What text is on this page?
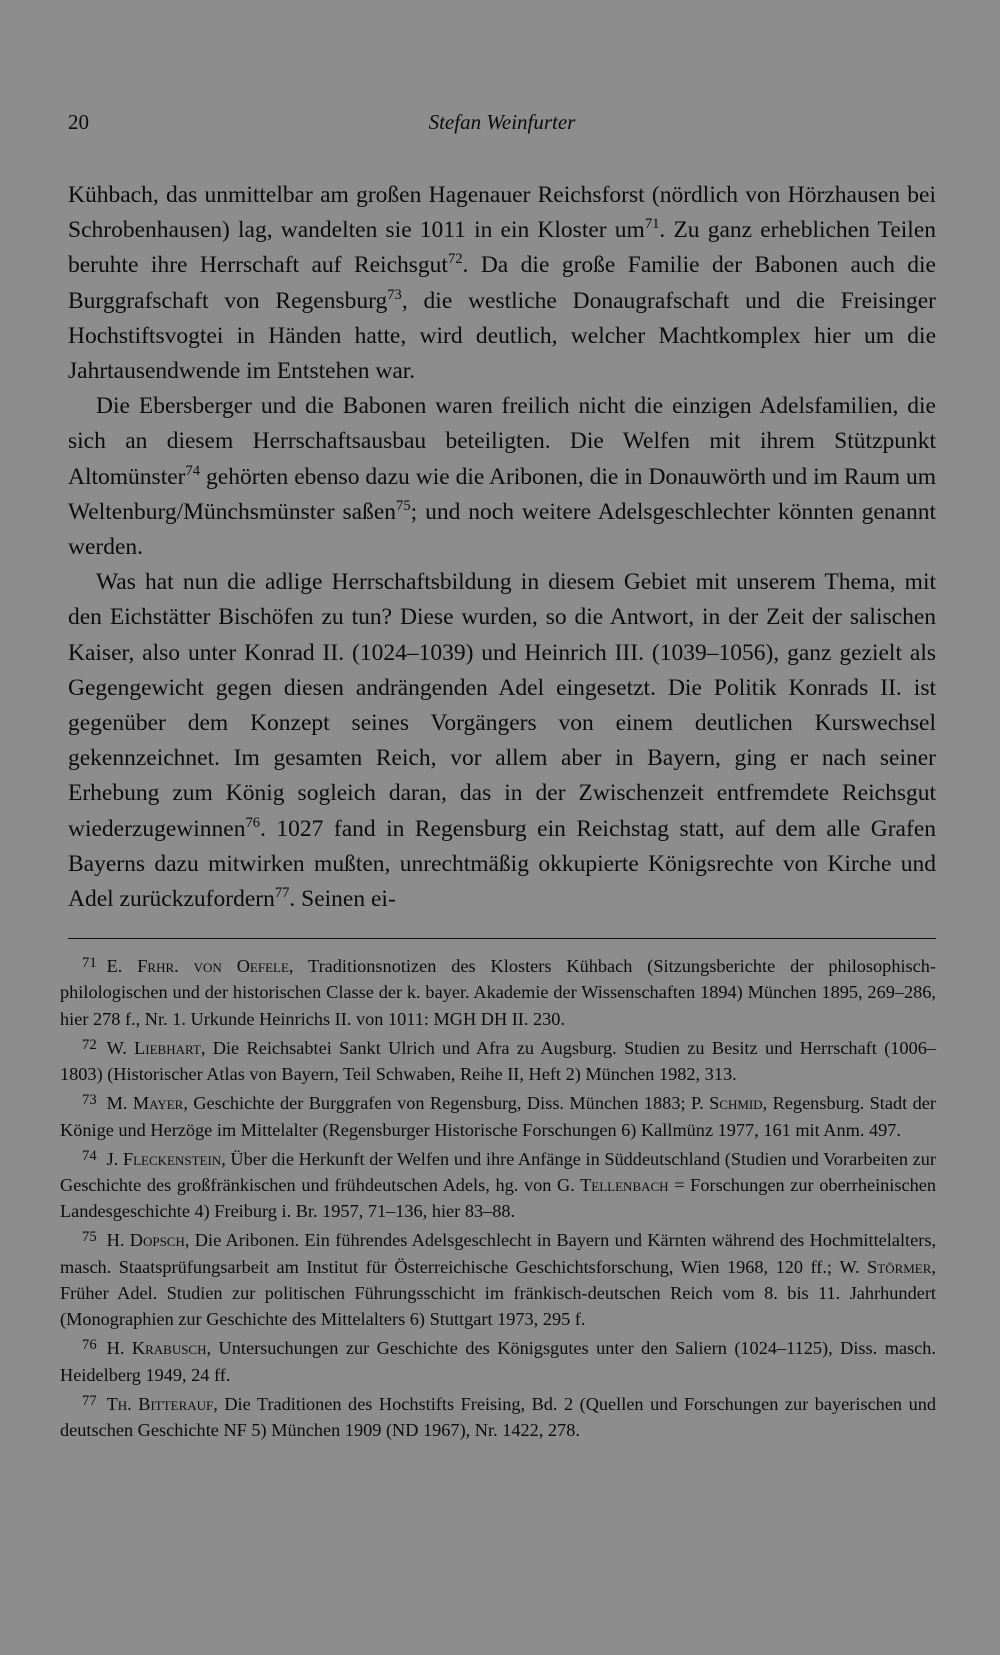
20	Stefan Weinfurter

Kühbach, das unmittelbar am großen Hagenauer Reichsforst (nördlich von Hörzhausen bei Schrobenhausen) lag, wandelten sie 1011 in ein Kloster $um^{71}$. Zu ganz erheblichen Teilen beruhte ihre Herrschaft auf Reichsgut$^{72}$. Da die große Familie der Babonen auch die Burggrafschaft von Regensburg$^{73}$, die westliche Donaugrafschaft und die Freisinger Hochstiftsvogtei in Händen hatte, wird deutlich, welcher Machtkomplex hier um die Jahrtausendwende im Entstehen war.

Die Ebersberger und die Babonen waren freilich nicht die einzigen Adelsfamilien, die sich an diesem Herrschaftsausbau beteiligten. Die Welfen mit ihrem Stützpunkt Altomünster$^{74}$ gehörten ebenso dazu wie die Aribonen, die in Donauwörth und im Raum um Weltenburg/Münchsmünster saßen$^{75}$; und noch weitere Adelsgeschlechter könnten genannt werden.

Was hat nun die adlige Herrschaftsbildung in diesem Gebiet mit unserem Thema, mit den Eichstätter Bischöfen zu tun? Diese wurden, so die Antwort, in der Zeit der salischen Kaiser, also unter Konrad II. (1024–1039) und Heinrich III. (1039–1056), ganz gezielt als Gegengewicht gegen diesen andrängenden Adel eingesetzt. Die Politik Konrads II. ist gegenüber dem Konzept seines Vorgängers von einem deutlichen Kurswechsel gekennzeichnet. Im gesamten Reich, vor allem aber in Bayern, ging er nach seiner Erhebung zum König sogleich daran, das in der Zwischenzeit entfremdete Reichsgut wiederzugewinnen$^{76}$. 1027 fand in Regensburg ein Reichstag statt, auf dem alle Grafen Bayerns dazu mitwirken mußten, unrechtmäßig okkupierte Königsrechte von Kirche und Adel zurückzufordern$^{77}$. Seinen ei-

71 E. Frhr. von Oefele, Traditionsnotizen des Klosters Kühbach (Sitzungsberichte der philosophisch-philologischen und der historischen Classe der k. bayer. Akademie der Wissenschaften 1894) München 1895, 269–286, hier 278 f., Nr. 1. Urkunde Heinrichs II. von 1011: MGH DH II. 230.

72 W. Liebhart, Die Reichsabtei Sankt Ulrich und Afra zu Augsburg. Studien zu Besitz und Herrschaft (1006–1803) (Historischer Atlas von Bayern, Teil Schwaben, Reihe II, Heft 2) München 1982, 313.

73 M. Mayer, Geschichte der Burggrafen von Regensburg, Diss. München 1883; P. Schmid, Regensburg. Stadt der Könige und Herzöge im Mittelalter (Regensburger Historische Forschungen 6) Kallmünz 1977, 161 mit Anm. 497.

74 J. Fleckenstein, Über die Herkunft der Welfen und ihre Anfänge in Süddeutschland (Studien und Vorarbeiten zur Geschichte des großfränkischen und frühdeutschen Adels, hg. von G. Tellenbach = Forschungen zur oberrheinischen Landesgeschichte 4) Freiburg i. Br. 1957, 71–136, hier 83–88.

75 H. Dopsch, Die Aribonen. Ein führendes Adelsgeschlecht in Bayern und Kärnten während des Hochmittelalters, masch. Staatsprüfungsarbeit am Institut für Österreichische Geschichtsforschung, Wien 1968, 120 ff.; W. Störmer, Früher Adel. Studien zur politischen Führungsschicht im fränkisch-deutschen Reich vom 8. bis 11. Jahrhundert (Monographien zur Geschichte des Mittelalters 6) Stuttgart 1973, 295 f.

76 H. Krabusch, Untersuchungen zur Geschichte des Königsgutes unter den Saliern (1024–1125), Diss. masch. Heidelberg 1949, 24 ff.

77 Th. Bitterauf, Die Traditionen des Hochstifts Freising, Bd. 2 (Quellen und Forschungen zur bayerischen und deutschen Geschichte NF 5) München 1909 (ND 1967), Nr. 1422, 278.
